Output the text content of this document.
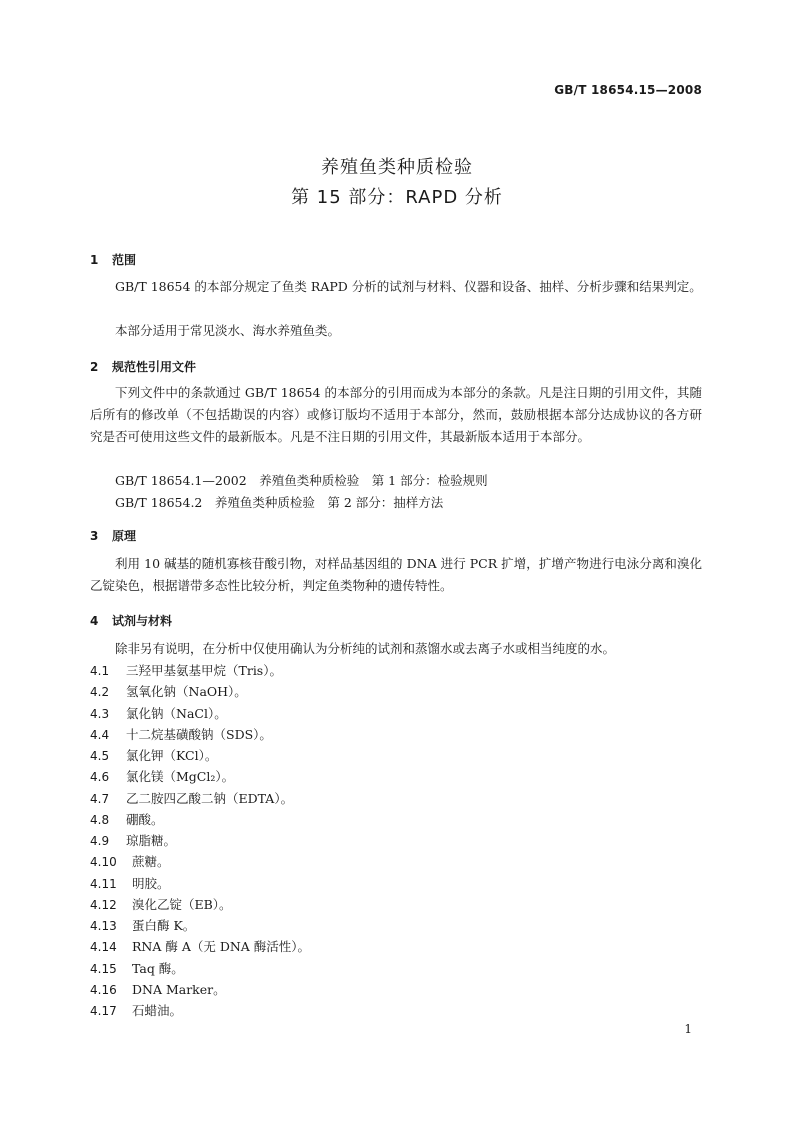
GB/T 18654.15—2008
养殖鱼类种质检验
第 15 部分：RAPD 分析
1 范围
GB/T 18654 的本部分规定了鱼类 RAPD 分析的试剂与材料、仪器和设备、抽样、分析步骤和结果判定。
本部分适用于常见淡水、海水养殖鱼类。
2 规范性引用文件
下列文件中的条款通过 GB/T 18654 的本部分的引用而成为本部分的条款。凡是注日期的引用文件，其随后所有的修改单（不包括勘误的内容）或修订版均不适用于本部分，然而，鼓励根据本部分达成协议的各方研究是否可使用这些文件的最新版本。凡是不注日期的引用文件，其最新版本适用于本部分。
GB/T 18654.1—2002　养殖鱼类种质检验　第 1 部分：检验规则
GB/T 18654.2　养殖鱼类种质检验　第 2 部分：抽样方法
3 原理
利用 10 碱基的随机寡核苷酸引物，对样品基因组的 DNA 进行 PCR 扩增，扩增产物进行电泳分离和溴化乙锭染色，根据谱带多态性比较分析，判定鱼类物种的遗传特性。
4 试剂与材料
除非另有说明，在分析中仅使用确认为分析纯的试剂和蒸馏水或去离子水或相当纯度的水。
4.1 三羟甲基氨基甲烷（Tris）。
4.2 氢氧化钠（NaOH）。
4.3 氯化钠（NaCl）。
4.4 十二烷基磺酸钠（SDS）。
4.5 氯化钾（KCl）。
4.6 氯化镁（MgCl₂）。
4.7 乙二胺四乙酸二钠（EDTA）。
4.8 硼酸。
4.9 琼脂糖。
4.10 蔗糖。
4.11 明胶。
4.12 溴化乙锭（EB）。
4.13 蛋白酶 K。
4.14 RNA 酶 A（无 DNA 酶活性）。
4.15 Taq 酶。
4.16 DNA Marker。
4.17 石蜡油。
1
